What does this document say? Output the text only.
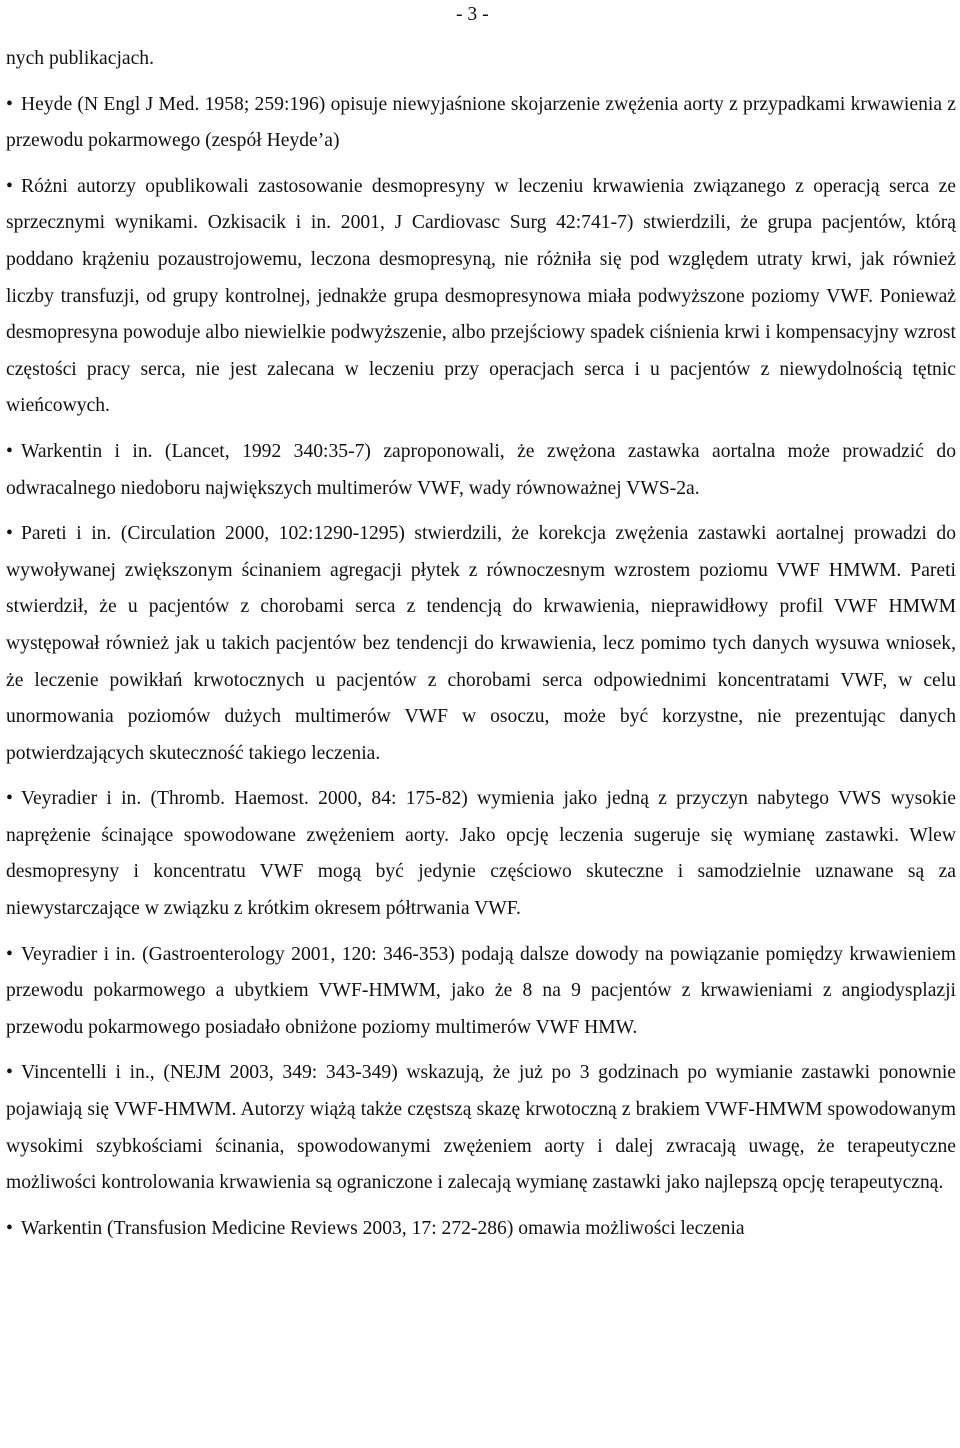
- 3 -

nych publikacjach.

• Heyde (N Engl J Med. 1958; 259:196) opisuje niewyjaśnione skojarzenie zwężenia aorty z przypadkami krwawienia z przewodu pokarmowego (zespół Heyde’a)

• Różni autorzy opublikowali zastosowanie desmopresyny w leczeniu krwawienia związanego z operacją serca ze sprzecznymi wynikami. Ozkisacik i in. 2001, J Cardiovasc Surg 42:741-7) stwierdzili, że grupa pacjentów, którą poddano krążeniu pozaustrojowemu, leczona desmopresyną, nie różniła się pod względem utraty krwi, jak również liczby transfuzji, od grupy kontrolnej, jednakże grupa desmopresynowa miała podwyższone poziomy VWF. Ponieważ desmopresyna powoduje albo niewielkie podwyższenie, albo przejściowy spadek ciśnienia krwi i kompensacyjny wzrost częstości pracy serca, nie jest zalecana w leczeniu przy operacjach serca i u pacjentów z niewydolnością tętnic wieńcowych.

• Warkentin i in. (Lancet, 1992 340:35-7) zaproponowali, że zwężona zastawka aortalna może prowadzić do odwracalnego niedoboru największych multimerów VWF, wady równoważnej VWS-2a.

• Pareti i in. (Circulation 2000, 102:1290-1295) stwierdzili, że korekcja zwężenia zastawki aortalnej prowadzi do wywoływanej zwiększonym ścinaniem agregacji płytek z równoczesnym wzrostem poziomu VWF HMWM. Pareti stwierdził, że u pacjentów z chorobami serca z tendencją do krwawienia, nieprawidłowy profil VWF HMWM występował również jak u takich pacjentów bez tendencji do krwawienia, lecz pomimo tych danych wysuwa wniosek, że leczenie powikłań krwotocznych u pacjentów z chorobami serca odpowiednimi koncentratami VWF, w celu unormowania poziomów dużych multimerów VWF w osoczu, może być korzystne, nie prezentując danych potwierdzających skuteczność takiego leczenia.

• Veyradier i in. (Thromb. Haemost. 2000, 84: 175-82) wymienia jako jedną z przyczyn nabytego VWS wysokie naprężenie ścinające spowodowane zwężeniem aorty. Jako opcję leczenia sugeruje się wymianę zastawki. Wlew desmopresyny i koncentratu VWF mogą być jedynie częściowo skuteczne i samodzielnie uznawane są za niewystarczające w związku z krótkim okresem półtrwania VWF.

• Veyradier i in. (Gastroenterology 2001, 120: 346-353) podają dalsze dowody na powiązanie pomiędzy krwawieniem przewodu pokarmowego a ubytkiem VWF-HMWM, jako że 8 na 9 pacjentów z krwawieniami z angiodysplazji przewodu pokarmowego posiadało obniżone poziomy multimerów VWF HMW.

• Vincentelli i in., (NEJM 2003, 349: 343-349) wskazują, że już po 3 godzinach po wymianie zastawki ponownie pojawiają się VWF-HMWM. Autorzy wiążą także częstszą skazę krwotoczną z brakiem VWF-HMWM spowodowanym wysokimi szybkościami ścinania, spowodowanymi zwężeniem aorty i dalej zwracają uwagę, że terapeutyczne możliwości kontrolowania krwawienia są ograniczone i zalecają wymianę zastawki jako najlepszą opcję terapeutyczną.

• Warkentin (Transfusion Medicine Reviews 2003, 17: 272-286) omawia możliwości leczenia
